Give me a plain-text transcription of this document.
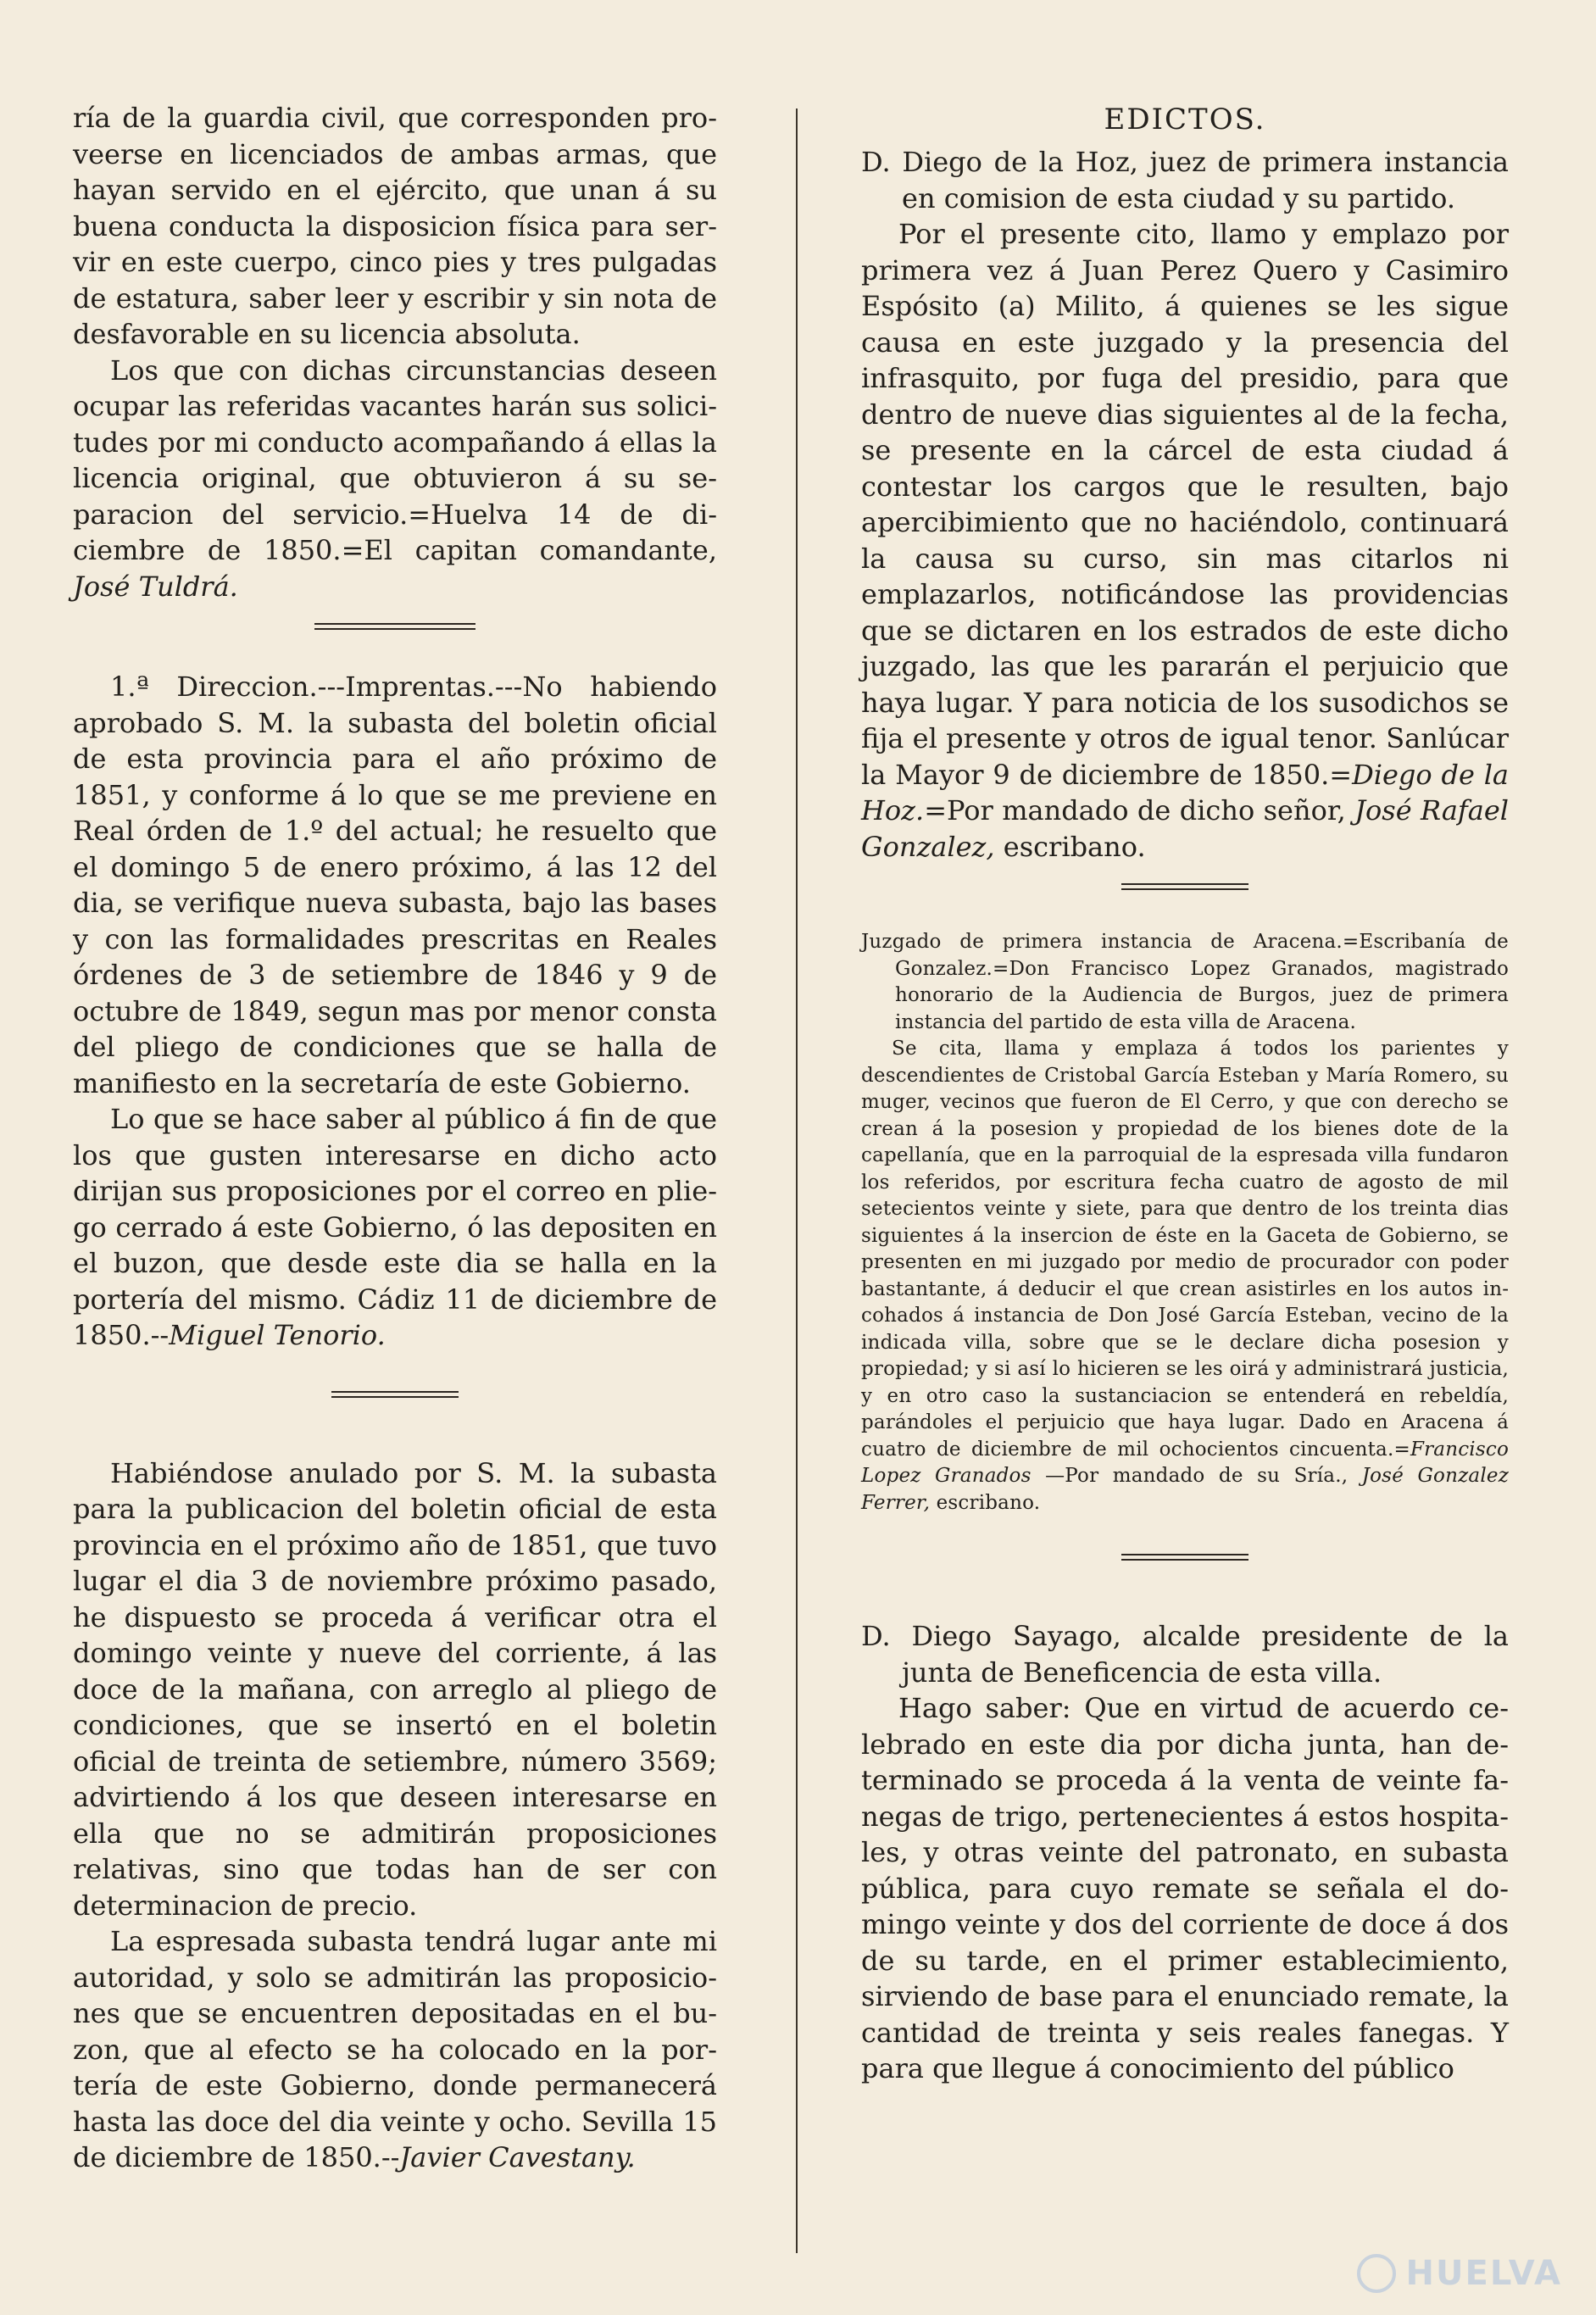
ría de la guardia civil, que corresponden proveerse en licenciados de ambas armas, que hayan servido en el ejército, que unan á su buena conducta la disposicion física para servir en este cuerpo, cinco pies y tres pulgadas de estatura, saber leer y escribir y sin nota de desfavorable en su licencia absoluta.

Los que con dichas circunstancias deseen ocupar las referidas vacantes harán sus solicitudes por mi conducto acompañando á ellas la licencia original, que obtuvieron á su separacion del servicio.=Huelva 14 de diciembre de 1850.=El capitan comandante, José Tuldrá.

1.ª Direccion.---Imprentas.---No habiendo aprobado S. M. la subasta del boletin oficial de esta provincia para el año próximo de 1851, y conforme á lo que se me previene en Real órden de 1.º del actual; he resuelto que el domingo 5 de enero próximo, á las 12 del dia, se verifique nueva subasta, bajo las bases y con las formalidades prescritas en Reales órdenes de 3 de setiembre de 1846 y 9 de octubre de 1849, segun mas por menor consta del pliego de condiciones que se halla de manifiesto en la secretaría de este Gobierno.

Lo que se hace saber al público á fin de que los que gusten interesarse en dicho acto dirijan sus proposiciones por el correo en pliego cerrado á este Gobierno, ó las depositen en el buzon, que desde este dia se halla en la portería del mismo. Cádiz 11 de diciembre de 1850.--Miguel Tenorio.

Habiéndose anulado por S. M. la subasta para la publicacion del boletin oficial de esta provincia en el próximo año de 1851, que tuvo lugar el dia 3 de noviembre próximo pasado, he dispuesto se proceda á verificar otra el domingo veinte y nueve del corriente, á las doce de la mañana, con arreglo al pliego de condiciones, que se insertó en el boletin oficial de treinta de setiembre, número 3569; advirtiendo á los que deseen interesarse en ella que no se admitirán proposiciones relativas, sino que todas han de ser con determinacion de precio.

La espresada subasta tendrá lugar ante mi autoridad, y solo se admitirán las proposiciones que se encuentren depositadas en el buzon, que al efecto se ha colocado en la portería de este Gobierno, donde permanecerá hasta las doce del dia veinte y ocho. Sevilla 15 de diciembre de 1850.--Javier Cavestany.

EDICTOS.

D. Diego de la Hoz, juez de primera instancia en comision de esta ciudad y su partido.

Por el presente cito, llamo y emplazo por primera vez á Juan Perez Quero y Casimiro Espósito (a) Milito, á quienes se les sigue causa en este juzgado y la presencia del infrasquito, por fuga del presidio, para que dentro de nueve dias siguientes al de la fecha, se presente en la cárcel de esta ciudad á contestar los cargos que le resulten, bajo apercibimiento que no haciéndolo, continuará la causa su curso, sin mas citarlos ni emplazarlos, notificándose las providencias que se dictaren en los estrados de este dicho juzgado, las que les pararán el perjuicio que haya lugar. Y para noticia de los susodichos se fija el presente y otros de igual tenor. Sanlúcar la Mayor 9 de diciembre de 1850.=Diego de la Hoz.=Por mandado de dicho señor, José Rafael Gonzalez, escribano.

Juzgado de primera instancia de Aracena.=Escribanía de Gonzalez.=Don Francisco Lopez Granados, magistrado honorario de la Audiencia de Burgos, juez de primera instancia del partido de esta villa de Aracena.

Se cita, llama y emplaza á todos los parientes y descendientes de Cristobal García Esteban y María Romero, su muger, vecinos que fueron de El Cerro, y que con derecho se crean á la posesion y propiedad de los bienes dote de la capellanía, que en la parroquial de la espresada villa fundaron los referidos, por escritura fecha cuatro de agosto de mil setecientos veinte y siete, para que dentro de los treinta dias siguientes á la insercion de éste en la Gaceta de Gobierno, se presenten en mi juzgado por medio de procurador con poder bastantante, á deducir el que crean asistirles en los autos incohados á instancia de Don José García Esteban, vecino de la indicada villa, sobre que se le declare dicha posesion y propiedad; y si así lo hicieren se les oirá y administrará justicia, y en otro caso la sustanciacion se entenderá en rebeldía, parándoles el perjuicio que haya lugar. Dado en Aracena á cuatro de diciembre de mil ochocientos cincuenta.=Francisco Lopez Granados —Por mandado de su Sría., José Gonzalez Ferrer, escribano.

D. Diego Sayago, alcalde presidente de la junta de Beneficencia de esta villa.

Hago saber: Que en virtud de acuerdo celebrado en este dia por dicha junta, han determinado se proceda á la venta de veinte fanegas de trigo, pertenecientes á estos hospitales, y otras veinte del patronato, en subasta pública, para cuyo remate se señala el domingo veinte y dos del corriente de doce á dos de su tarde, en el primer establecimiento, sirviendo de base para el enunciado remate, la cantidad de treinta y seis reales fanegas. Y para que llegue á conocimiento del público

HUELVA
